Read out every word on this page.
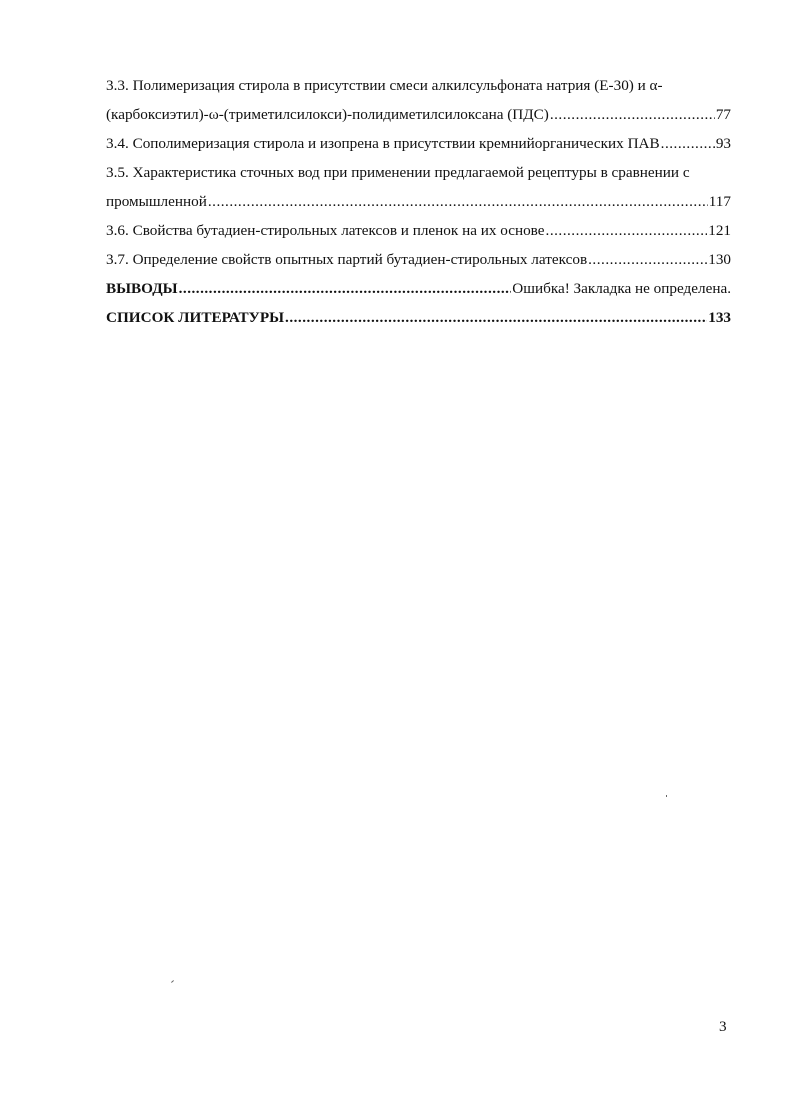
3.3. Полимеризация стирола в присутствии смеси алкилсульфоната натрия (Е-30) и α-
(карбоксиэтил)-ω-(триметилсилокси)-полидиметилсилоксана (ПДС) .....	77
3.4. Сополимеризация стирола и изопрена в присутствии кремнийорганических ПАВ .....	93
3.5. Характеристика сточных вод при применении предлагаемой рецептуры в сравнении с
промышленной .....	117
3.6. Свойства бутадиен-стирольных латексов и пленок на их основе .....	121
3.7. Определение свойств опытных партий бутадиен-стирольных латексов .....	130
ВЫВОДЫ .....	Ошибка! Закладка не определена.
СПИСОК ЛИТЕРАТУРЫ .....	133
3
